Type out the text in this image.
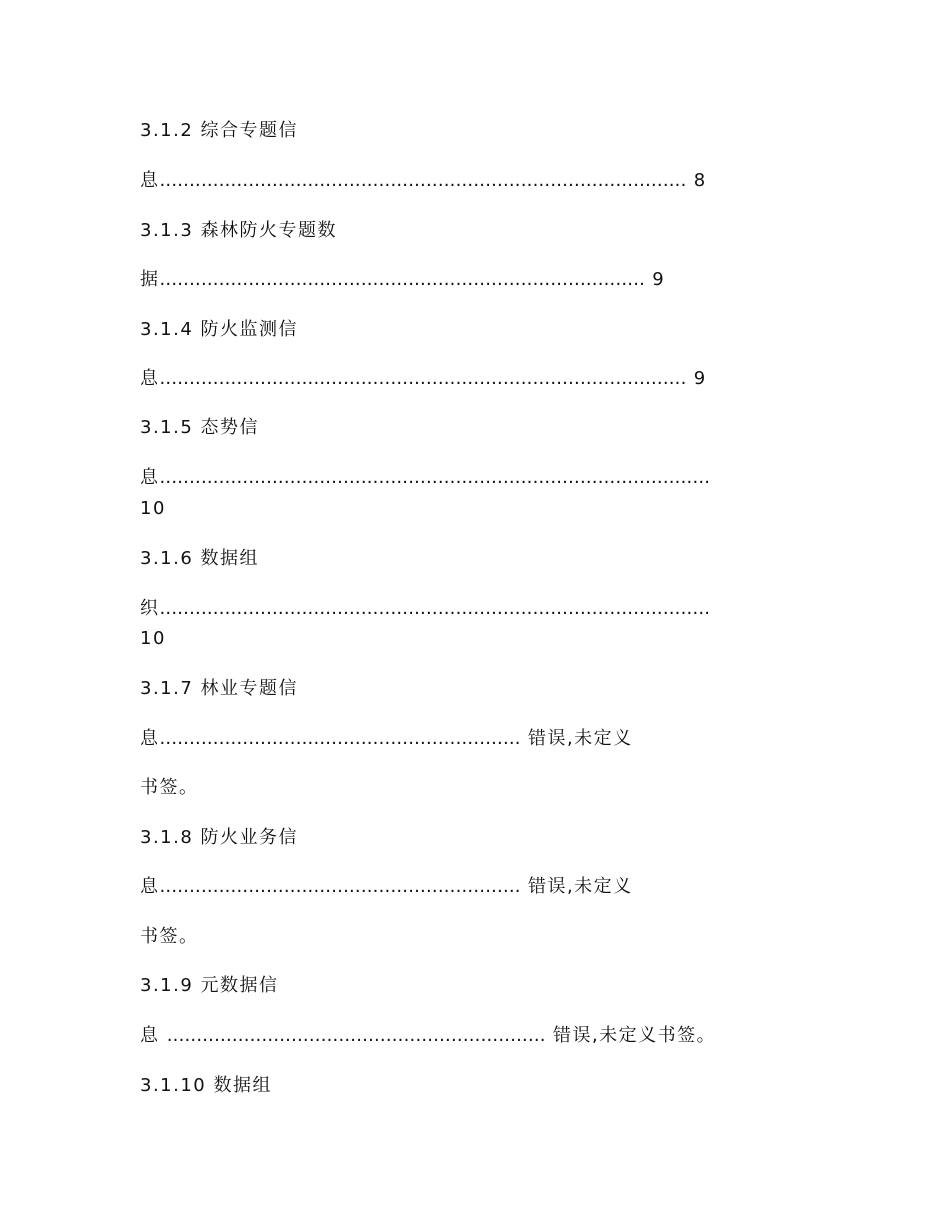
3.1.2 综合专题信
息......................................................................................... 8
3.1.3 森林防火专题数
据.................................................................................. 9
3.1.4 防火监测信
息......................................................................................... 9
3.1.5 态势信
息.............................................................................................
10
3.1.6 数据组
织.............................................................................................
10
3.1.7 林业专题信
息............................................................. 错误,未定义
书签。
3.1.8 防火业务信
息............................................................. 错误,未定义
书签。
3.1.9 元数据信
息 ................................................................ 错误,未定义书签。
3.1.10 数据组
